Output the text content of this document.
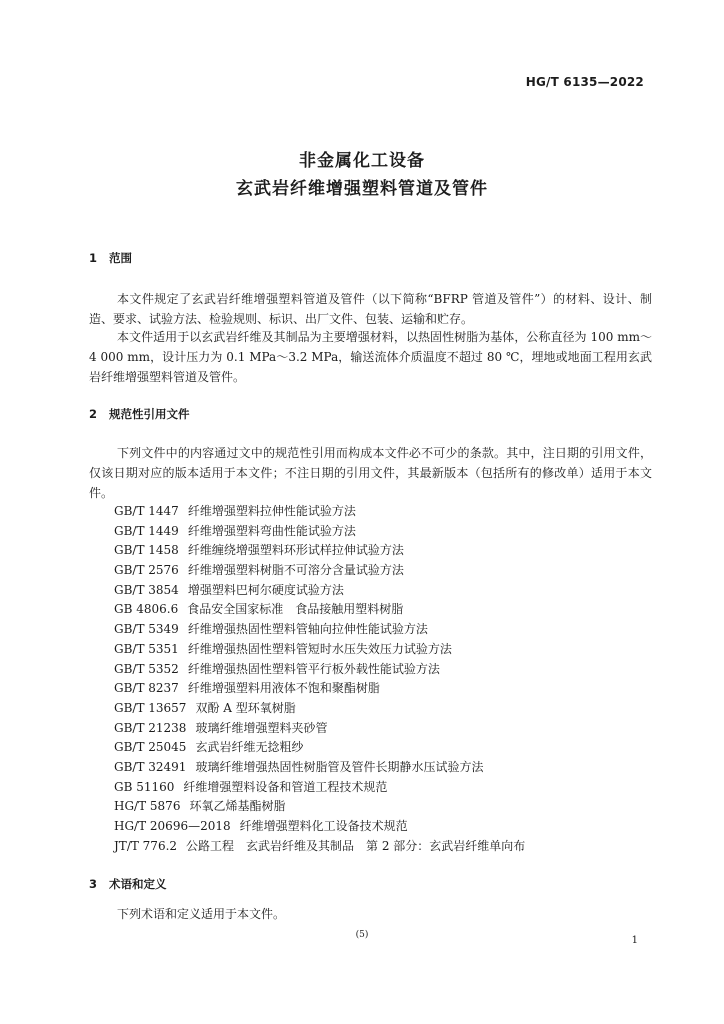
HG/T 6135—2022
非金属化工设备
玄武岩纤维增强塑料管道及管件
1 范围

本文件规定了玄武岩纤维增强塑料管道及管件（以下简称“BFRP 管道及管件”）的材料、设计、制造、要求、试验方法、检验规则、标识、出厂文件、包装、运输和贮存。

本文件适用于以玄武岩纤维及其制品为主要增强材料，以热固性树脂为基体，公称直径为 100 mm～4 000 mm，设计压力为 0.1 MPa～3.2 MPa，输送流体介质温度不超过 80 ℃，埋地或地面工程用玄武岩纤维增强塑料管道及管件。

2 规范性引用文件

下列文件中的内容通过文中的规范性引用而构成本文件必不可少的条款。其中，注日期的引用文件，仅该日期对应的版本适用于本文件；不注日期的引用文件，其最新版本（包括所有的修改单）适用于本文件。

GB/T 1447 纤维增强塑料拉伸性能试验方法
GB/T 1449 纤维增强塑料弯曲性能试验方法
GB/T 1458 纤维缠绕增强塑料环形试样拉伸试验方法
GB/T 2576 纤维增强塑料树脂不可溶分含量试验方法
GB/T 3854 增强塑料巴柯尔硬度试验方法
GB 4806.6 食品安全国家标准　食品接触用塑料树脂
GB/T 5349 纤维增强热固性塑料管轴向拉伸性能试验方法
GB/T 5351 纤维增强热固性塑料管短时水压失效压力试验方法
GB/T 5352 纤维增强热固性塑料管平行板外载性能试验方法
GB/T 8237 纤维增强塑料用液体不饱和聚酯树脂
GB/T 13657 双酚 A 型环氧树脂
GB/T 21238 玻璃纤维增强塑料夹砂管
GB/T 25045 玄武岩纤维无捻粗纱
GB/T 32491 玻璃纤维增强热固性树脂管及管件长期静水压试验方法
GB 51160 纤维增强塑料设备和管道工程技术规范
HG/T 5876 环氧乙烯基酯树脂
HG/T 20696—2018 纤维增强塑料化工设备技术规范
JT/T 776.2 公路工程　玄武岩纤维及其制品　第 2 部分：玄武岩纤维单向布
3 术语和定义

下列术语和定义适用于本文件。

(5)	1
